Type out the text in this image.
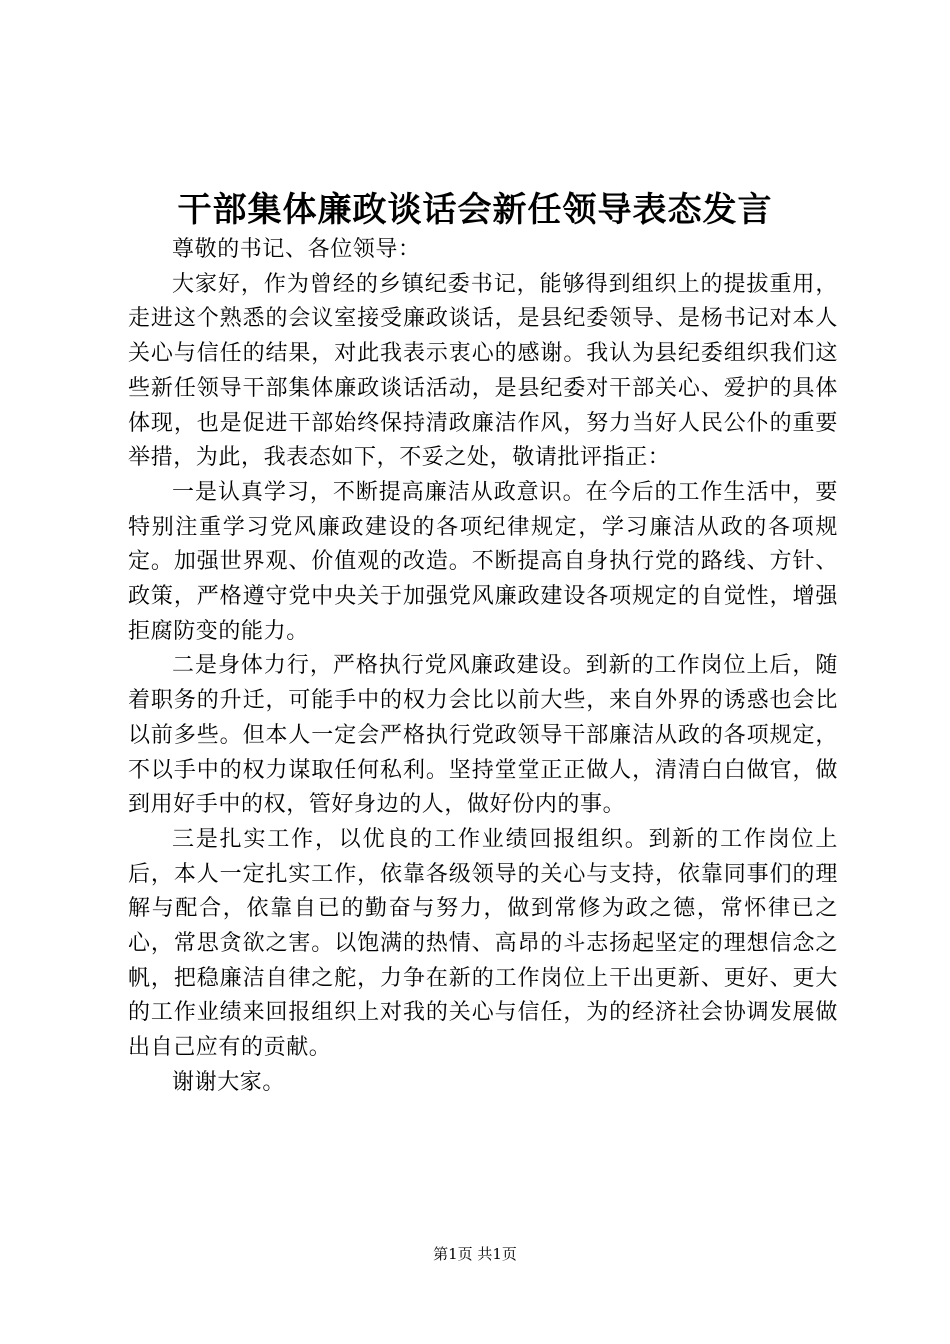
干部集体廉政谈话会新任领导表态发言

尊敬的书记、各位领导：

大家好，作为曾经的乡镇纪委书记，能够得到组织上的提拔重用，走进这个熟悉的会议室接受廉政谈话，是县纪委领导、是杨书记对本人关心与信任的结果，对此我表示衷心的感谢。我认为县纪委组织我们这些新任领导干部集体廉政谈话活动，是县纪委对干部关心、爱护的具体体现，也是促进干部始终保持清政廉洁作风，努力当好人民公仆的重要举措，为此，我表态如下，不妥之处，敬请批评指正：

一是认真学习，不断提高廉洁从政意识。在今后的工作生活中，要特别注重学习党风廉政建设的各项纪律规定，学习廉洁从政的各项规定。加强世界观、价值观的改造。不断提高自身执行党的路线、方针、政策，严格遵守党中央关于加强党风廉政建设各项规定的自觉性，增强拒腐防变的能力。

二是身体力行，严格执行党风廉政建设。到新的工作岗位上后，随着职务的升迁，可能手中的权力会比以前大些，来自外界的诱惑也会比以前多些。但本人一定会严格执行党政领导干部廉洁从政的各项规定，不以手中的权力谋取任何私利。坚持堂堂正正做人，清清白白做官，做到用好手中的权，管好身边的人，做好份内的事。

三是扎实工作，以优良的工作业绩回报组织。到新的工作岗位上后，本人一定扎实工作，依靠各级领导的关心与支持，依靠同事们的理解与配合，依靠自已的勤奋与努力，做到常修为政之德，常怀律已之心，常思贪欲之害。以饱满的热情、高昂的斗志扬起坚定的理想信念之帆，把稳廉洁自律之舵，力争在新的工作岗位上干出更新、更好、更大的工作业绩来回报组织上对我的关心与信任，为的经济社会协调发展做出自己应有的贡献。

谢谢大家。

第1页 共1页
